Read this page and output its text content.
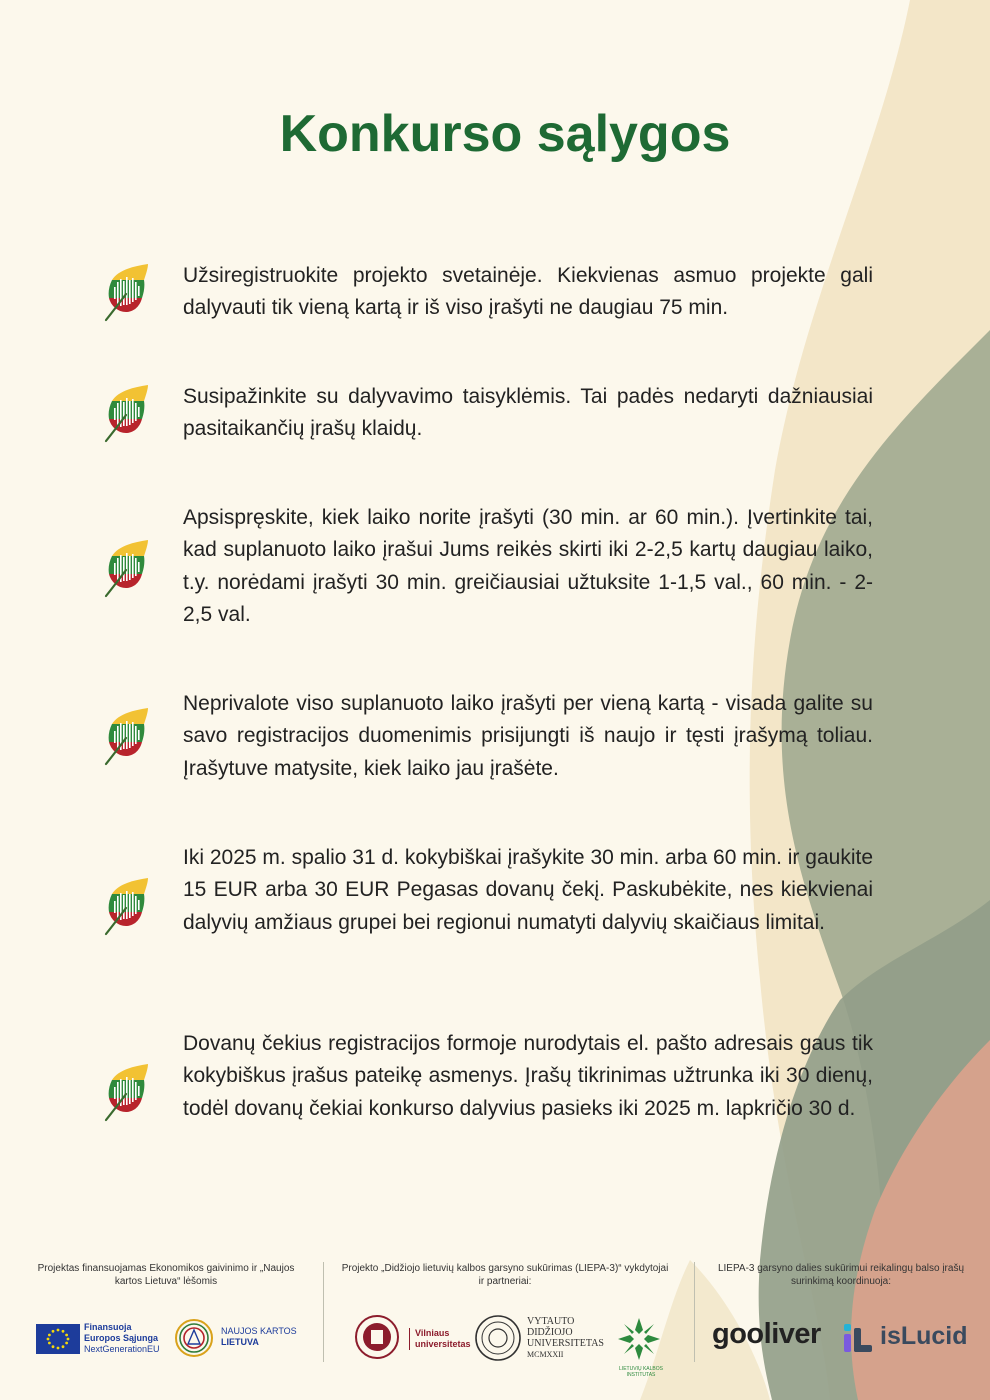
Konkurso sąlygos

Užsiregistruokite projekto svetainėje. Kiekvienas asmuo projekte gali dalyvauti tik vieną kartą ir iš viso įrašyti ne daugiau 75 min.

Susipažinkite su dalyvavimo taisyklėmis. Tai padės nedaryti dažniausiai pasitaikančių įrašų klaidų.

Apsispręskite, kiek laiko norite įrašyti (30 min. ar 60 min.). Įvertinkite tai, kad suplanuoto laiko įrašui Jums reikės skirti iki 2-2,5 kartų daugiau laiko, t.y. norėdami įrašyti 30 min. greičiausiai užtuksite 1-1,5 val., 60 min. - 2-2,5 val.

Neprivalote viso suplanuoto laiko įrašyti per vieną kartą - visada galite su savo registracijos duomenimis prisijungti iš naujo ir tęsti įrašymą toliau. Įrašytuve matysite, kiek laiko jau įrašėte.

Iki 2025 m. spalio 31 d. kokybiškai įrašykite 30 min. arba 60 min. ir gaukite 15 EUR arba 30 EUR Pegasas dovanų čekį. Paskubėkite, nes kiekvienai dalyvių amžiaus grupei bei regionui numatyti dalyvių skaičiaus limitai.

Dovanų čekius registracijos formoje nurodytais el. pašto adresais gaus tik kokybiškus įrašus pateikę asmenys. Įrašų tikrinimas užtrunka iki 30 dienų, todėl dovanų čekiai konkurso dalyvius pasieks iki 2025 m. lapkričio 30 d.

Projektas finansuojamas Ekonomikos gaivinimo ir „Naujos kartos Lietuva“ lėšomis

Finansuoja
Europos Sąjunga
NextGenerationEU
NAUJOS KARTOS
LIETUVA

Projekto „Didžiojo lietuvių kalbos garsyno sukūrimas (LIEPA-3)“ vykdytojai ir partneriai:

Vilniaus
universitetas
VYTAUTO
DIDŽIOJO
UNIVERSITETAS
MCMXXII
LIETUVIŲ KALBOS INSTITUTAS

LIEPA-3 garsyno dalies sukūrimui reikalingų balso įrašų surinkimą koordinuoja:

gooliver isLucid
